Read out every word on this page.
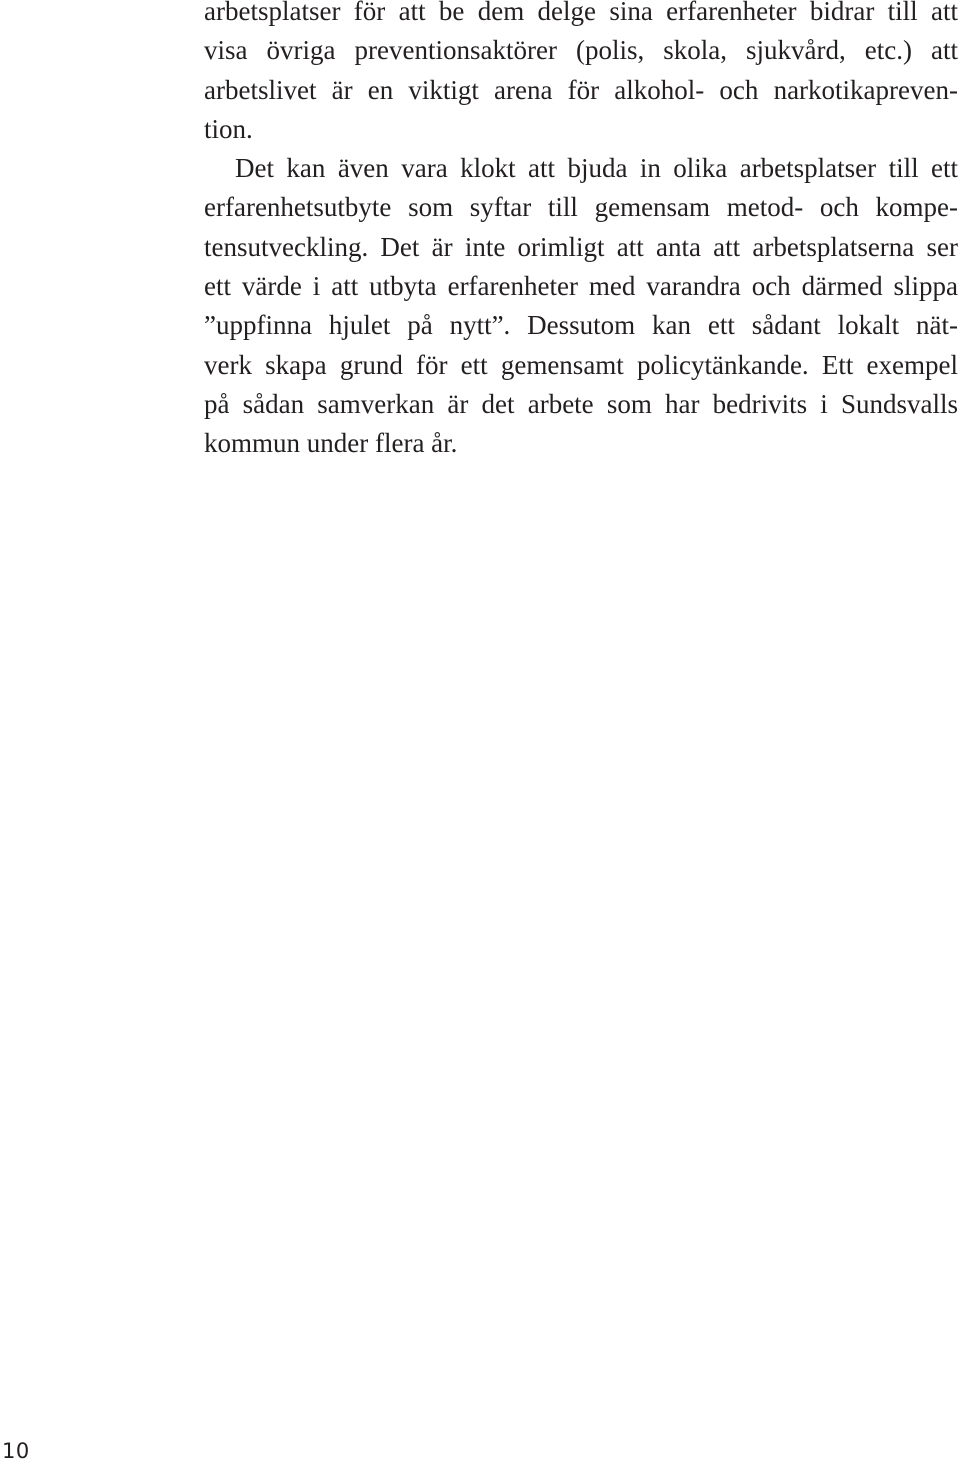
arbetsplatser för att be dem delge sina erfarenheter bidrar till att
visa övriga preventionsaktörer (polis, skola, sjukvård, etc.) att
arbetslivet är en viktigt arena för alkohol- och narkotikapreven-
tion.
Det kan även vara klokt att bjuda in olika arbetsplatser till ett
erfarenhetsutbyte som syftar till gemensam metod- och kompe-
tensutveckling. Det är inte orimligt att anta att arbetsplatserna ser
ett värde i att utbyta erfarenheter med varandra och därmed slippa
”uppfinna hjulet på nytt”. Dessutom kan ett sådant lokalt nät-
verk skapa grund för ett gemensamt policytänkande. Ett exempel
på sådan samverkan är det arbete som har bedrivits i Sundsvalls
kommun under flera år.
10
